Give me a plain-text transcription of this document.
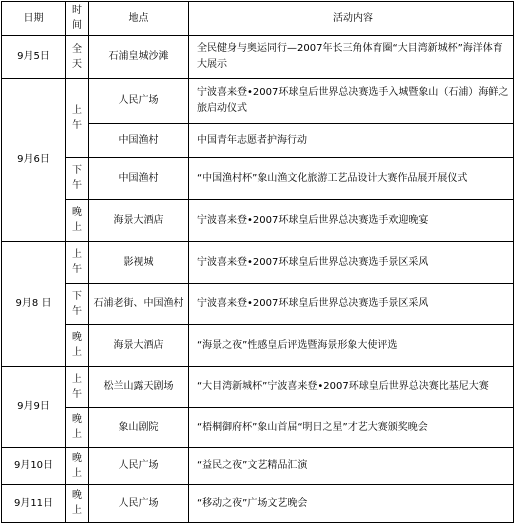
日期	时间	地点	活动内容
9月5日	全天	石浦皇城沙滩	全民健身与奥运同行—2007年长三角体育圈“大目湾新城杯”海洋体育大展示
9月6日	上午	人民广场	宁波喜来登•2007环球皇后世界总决赛选手入城暨象山（石浦）海鲜之旅启动仪式
		中国渔村	中国青年志愿者护海行动
	下午	中国渔村	“中国渔村杯”象山渔文化旅游工艺品设计大赛作品展开展仪式
	晚上	海景大酒店	宁波喜来登•2007环球皇后世界总决赛选手欢迎晚宴
9月8 日	上午	影视城	宁波喜来登•2007环球皇后世界总决赛选手景区采风
	下午	石浦老街、中国渔村	宁波喜来登•2007环球皇后世界总决赛选手景区采风
	晚上	海景大酒店	“海景之夜”性感皇后评选暨海景形象大使评选
9月9日	上午	松兰山露天剧场	“大目湾新城杯”宁波喜来登•2007环球皇后世界总决赛比基尼大赛
	晚上	象山剧院	“梧桐御府杯”象山首届“明日之星”才艺大赛颁奖晚会
9月10日	晚上	人民广场	“益民之夜”文艺精品汇演
9月11日	晚上	人民广场	“移动之夜”广场文艺晚会
